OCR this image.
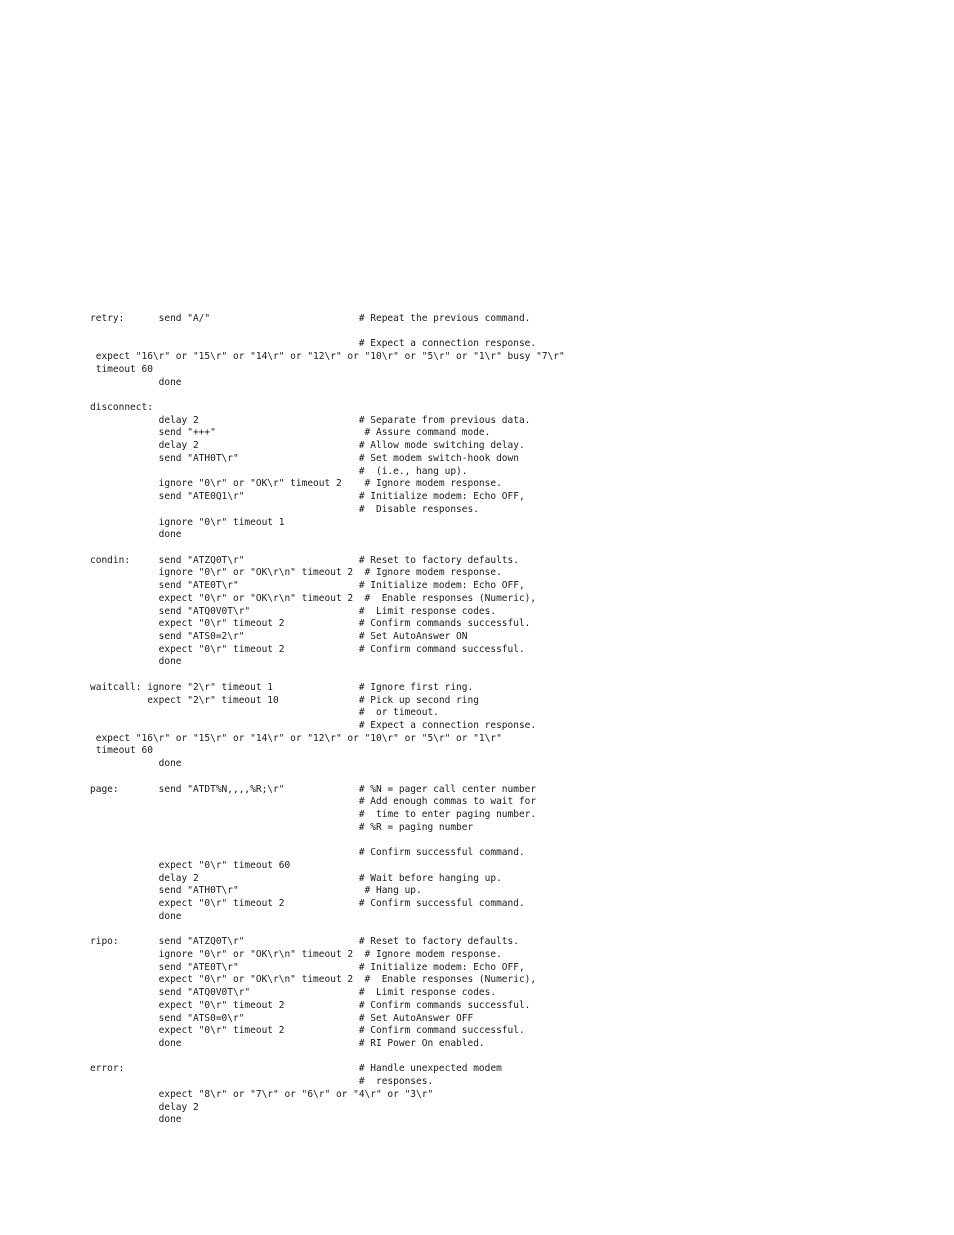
retry:      send "A/"                          # Repeat the previous command.
# Expect a connection response.
expect "16\r" or "15\r" or "14\r" or "12\r" or "10\r" or "5\r" or "1\r" busy "7\r"
timeout 60
done
disconnect:
delay 2                            # Separate from previous data.
send "+++"                          # Assure command mode.
delay 2                            # Allow mode switching delay.
send "ATH0T\r"                     # Set modem switch-hook down
#  (i.e., hang up).
ignore "0\r" or "OK\r" timeout 2    # Ignore modem response.
send "ATE0Q1\r"                    # Initialize modem: Echo OFF,
#  Disable responses.
ignore "0\r" timeout 1
done
condin:     send "ATZQ0T\r"                    # Reset to factory defaults.
ignore "0\r" or "OK\r\n" timeout 2  # Ignore modem response.
send "ATE0T\r"                     # Initialize modem: Echo OFF,
expect "0\r" or "OK\r\n" timeout 2  #  Enable responses (Numeric),
send "ATQ0V0T\r"                   #  Limit response codes.
expect "0\r" timeout 2             # Confirm commands successful.
send "ATS0=2\r"                    # Set AutoAnswer ON
expect "0\r" timeout 2             # Confirm command successful.
done
waitcall: ignore "2\r" timeout 1               # Ignore first ring.
expect "2\r" timeout 10              # Pick up second ring
#  or timeout.
# Expect a connection response.
expect "16\r" or "15\r" or "14\r" or "12\r" or "10\r" or "5\r" or "1\r"
timeout 60
done
page:       send "ATDT%N,,,,%R;\r"             # %N = pager call center number
# Add enough commas to wait for
#  time to enter paging number.
# %R = paging number
# Confirm successful command.
expect "0\r" timeout 60
delay 2                            # Wait before hanging up.
send "ATH0T\r"                      # Hang up.
expect "0\r" timeout 2             # Confirm successful command.
done
ripo:       send "ATZQ0T\r"                    # Reset to factory defaults.
ignore "0\r" or "OK\r\n" timeout 2  # Ignore modem response.
send "ATE0T\r"                     # Initialize modem: Echo OFF,
expect "0\r" or "OK\r\n" timeout 2  #  Enable responses (Numeric),
send "ATQ0V0T\r"                   #  Limit response codes.
expect "0\r" timeout 2             # Confirm commands successful.
send "ATS0=0\r"                    # Set AutoAnswer OFF
expect "0\r" timeout 2             # Confirm command successful.
done                               # RI Power On enabled.
error:                                         # Handle unexpected modem
#  responses.
expect "8\r" or "7\r" or "6\r" or "4\r" or "3\r"
delay 2
done
